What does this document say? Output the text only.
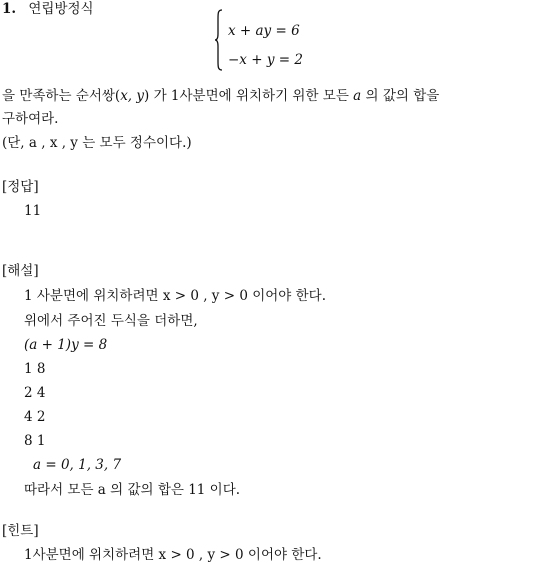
1. 연립방정식
x + ay = 6
−x + y = 2
을 만족하는 순서쌍(x, y) 가 1사분면에 위치하기 위한 모든 a 의 값의 합을
구하여라.
(단, a , x , y 는 모두 정수이다.)
[정답]
11
[해설]
1 사분면에 위치하려면 x > 0 , y > 0 이어야 한다.
위에서 주어진 두식을 더하면,
(a + 1)y = 8
1 8
2 4
4 2
8 1
a = 0, 1, 3, 7
따라서 모든 a 의 값의 합은 11 이다.
[힌트]
1사분면에 위치하려면 x > 0 , y > 0 이어야 한다.
